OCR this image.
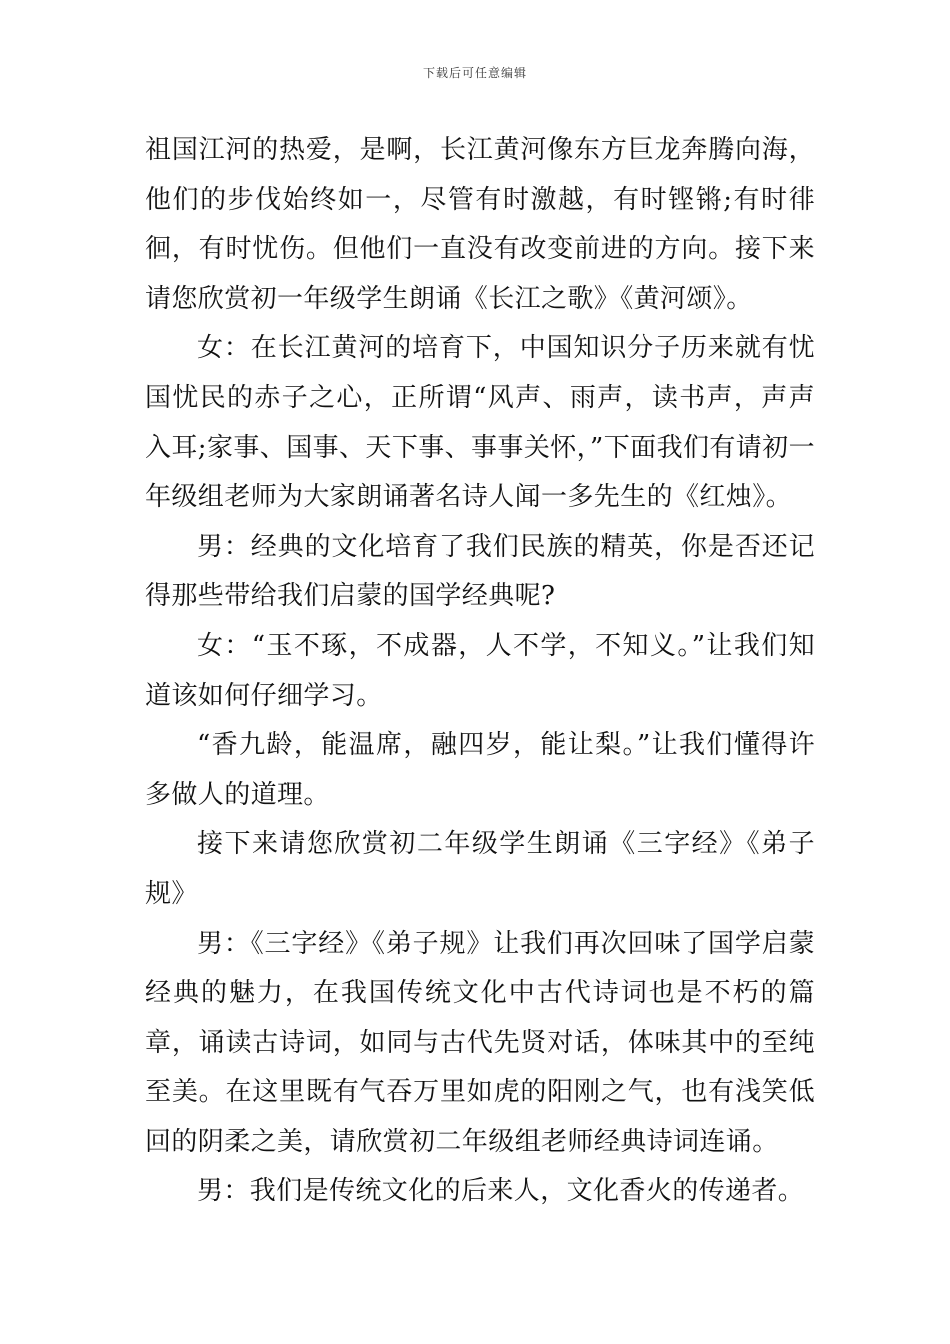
下载后可任意编辑

祖国江河的热爱，是啊，长江黄河像东方巨龙奔腾向海，他们的步伐始终如一，尽管有时激越，有时铿锵;有时徘徊，有时忧伤。但他们一直没有改变前进的方向。接下来请您欣赏初一年级学生朗诵《长江之歌》《黄河颂》。

女：在长江黄河的培育下，中国知识分子历来就有忧国忧民的赤子之心，正所谓“风声、雨声，读书声，声声入耳;家事、国事、天下事、事事关怀，”下面我们有请初一年级组老师为大家朗诵著名诗人闻一多先生的《红烛》。

男：经典的文化培育了我们民族的精英，你是否还记得那些带给我们启蒙的国学经典呢?

女：“玉不琢，不成器，人不学，不知义。”让我们知道该如何仔细学习。

“香九龄，能温席，融四岁，能让梨。”让我们懂得许多做人的道理。

接下来请您欣赏初二年级学生朗诵《三字经》《弟子规》

男：《三字经》《弟子规》让我们再次回味了国学启蒙经典的魅力，在我国传统文化中古代诗词也是不朽的篇章，诵读古诗词，如同与古代先贤对话，体味其中的至纯至美。在这里既有气吞万里如虎的阳刚之气，也有浅笑低回的阴柔之美，请欣赏初二年级组老师经典诗词连诵。

男：我们是传统文化的后来人，文化香火的传递者。
